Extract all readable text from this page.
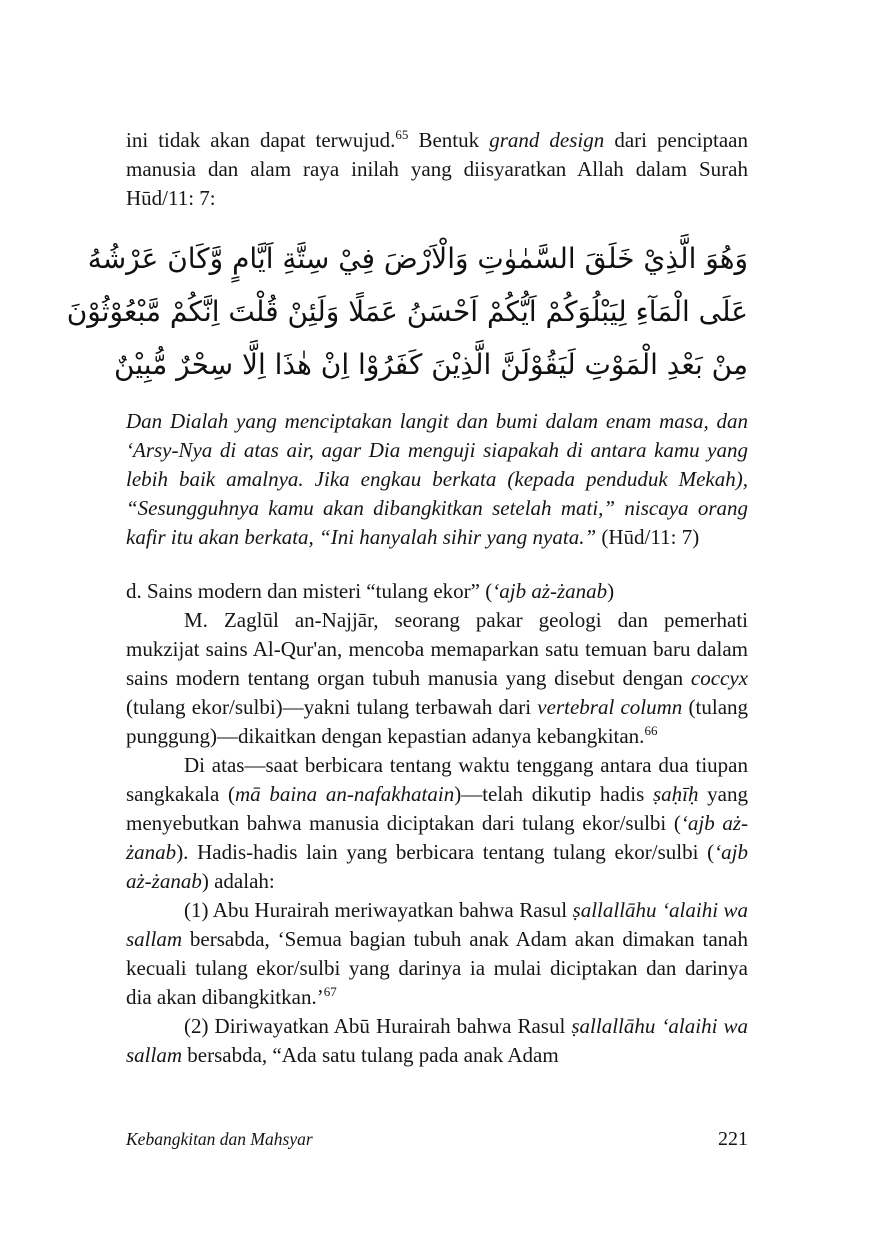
ini tidak akan dapat terwujud.$^{65}$ Bentuk grand design dari penciptaan manusia dan alam raya inilah yang diisyaratkan Allah dalam Surah Hūd/11: 7:

وَهُوَ الَّذِيْ خَلَقَ السَّمٰوٰتِ وَالْاَرْضَ فِيْ سِتَّةِ اَيَّامٍ وَّكَانَ عَرْشُهُ
عَلَى الْمَآءِ لِيَبْلُوَكُمْ اَيُّكُمْ اَحْسَنُ عَمَلًا وَلَئِنْ قُلْتَ اِنَّكُمْ مَّبْعُوْثُوْنَ
مِنْ بَعْدِ الْمَوْتِ لَيَقُوْلَنَّ الَّذِيْنَ كَفَرُوْا اِنْ هٰذَا اِلَّا سِحْرٌ مُّبِيْنٌ

Dan Dialah yang menciptakan langit dan bumi dalam enam masa, dan ‘Arsy-Nya di atas air, agar Dia menguji siapakah di antara kamu yang lebih baik amalnya. Jika engkau berkata (kepada penduduk Mekah), “Sesungguhnya kamu akan dibangkitkan setelah mati,” niscaya orang kafir itu akan berkata, “Ini hanyalah sihir yang nyata.” (Hūd/11: 7)

d. Sains modern dan misteri “tulang ekor” (‘ajb aż-żanab)

M. Zaglūl an-Najjār, seorang pakar geologi dan pemerhati mukzijat sains Al-Qur'an, mencoba memaparkan satu temuan baru dalam sains modern tentang organ tubuh manusia yang disebut dengan coccyx (tulang ekor/sulbi)—yakni tulang terbawah dari vertebral column (tulang punggung)—dikaitkan dengan kepastian adanya kebangkitan.$^{66}$

Di atas—saat berbicara tentang waktu tenggang antara dua tiupan sangkakala (mā baina an-nafakhatain)—telah dikutip hadis ṣaḥīḥ yang menyebutkan bahwa manusia diciptakan dari tulang ekor/sulbi (‘ajb aż-żanab). Hadis-hadis lain yang berbicara tentang tulang ekor/sulbi (‘ajb aż-żanab) adalah:

(1) Abu Hurairah meriwayatkan bahwa Rasul ṣallallāhu ‘alaihi wa sallam bersabda, ‘Semua bagian tubuh anak Adam akan dimakan tanah kecuali tulang ekor/sulbi yang darinya ia mulai diciptakan dan darinya dia akan dibangkitkan.’$^{67}$

(2) Diriwayatkan Abū Hurairah bahwa Rasul ṣallallāhu ‘alaihi wa sallam bersabda, “Ada satu tulang pada anak Adam

Kebangkitan dan Mahsyar	221
